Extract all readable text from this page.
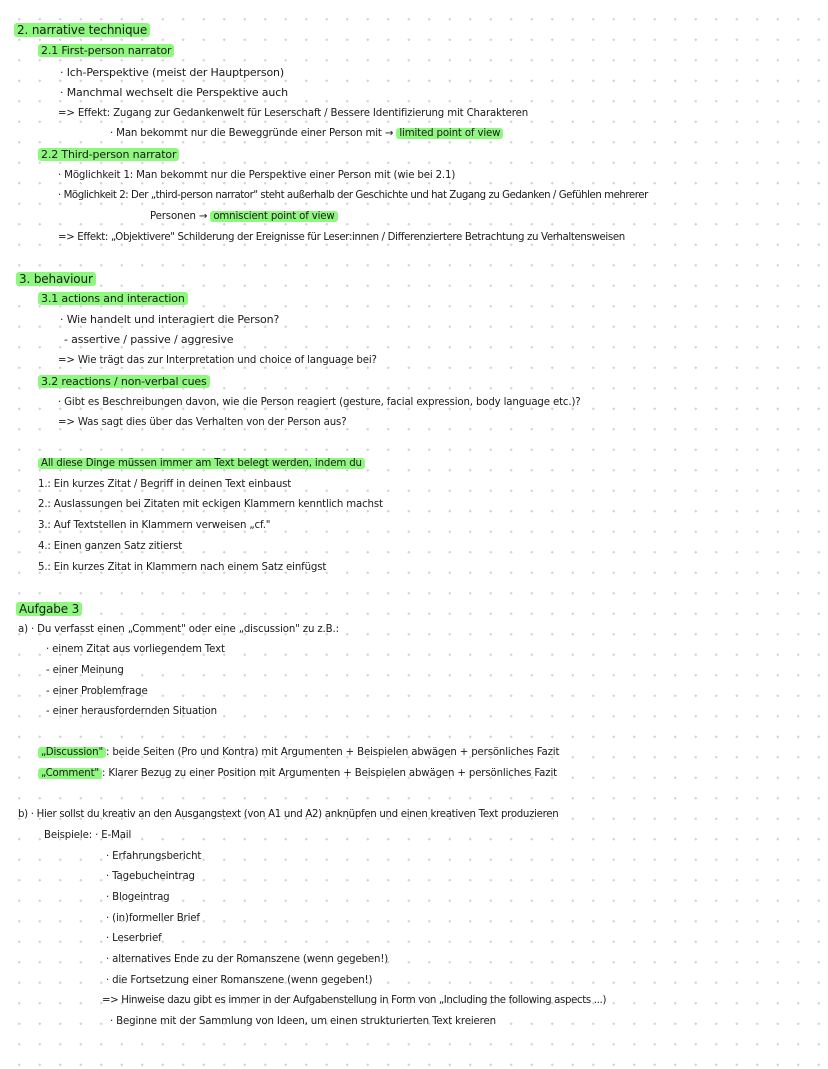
2. narrative technique
2.1 First-person narrator
· Ich-Perspektive (meist der Hauptperson)
· Manchmal wechselt die Perspektive auch
=> Effekt: Zugang zur Gedankenwelt für Leserschaft / Bessere Identifizierung mit Charakteren
· Man bekommt nur die Beweggründe einer Person mit → limited point of view
2.2 Third-person narrator
· Möglichkeit 1: Man bekommt nur die Perspektive einer Person mit (wie bei 2.1)
· Möglichkeit 2: Der „third-person narrator" steht außerhalb der Geschichte und hat Zugang zu Gedanken / Gefühlen mehrerer
Personen → omniscient point of view
=> Effekt: „Objektivere" Schilderung der Ereignisse für Leser:innen / Differenziertere Betrachtung zu Verhaltensweisen
3. behaviour
3.1 actions and interaction
· Wie handelt und interagiert die Person?
- assertive / passive / aggresive
=> Wie trägt das zur Interpretation und choice of language bei?
3.2 reactions / non-verbal cues
· Gibt es Beschreibungen davon, wie die Person reagiert (gesture, facial expression, body language etc.)?
=> Was sagt dies über das Verhalten von der Person aus?
All diese Dinge müssen immer am Text belegt werden, indem du
1.: Ein kurzes Zitat / Begriff in deinen Text einbaust
2.: Auslassungen bei Zitaten mit eckigen Klammern kenntlich machst
3.: Auf Textstellen in Klammern verweisen „cf."
4.: Einen ganzen Satz zitierst
5.: Ein kurzes Zitat in Klammern nach einem Satz einfügst
Aufgabe 3
a) · Du verfasst einen „Comment" oder eine „discussion" zu z.B.:
· einem Zitat aus vorliegendem Text
- einer Meinung
- einer Problemfrage
- einer herausfordernden Situation
„Discussion" : beide Seiten (Pro und Kontra) mit Argumenten + Beispielen abwägen + persönliches Fazit
„Comment" : Klarer Bezug zu einer Position mit Argumenten + Beispielen abwägen + persönliches Fazit
b) · Hier sollst du kreativ an den Ausgangstext (von A1 und A2) anknüpfen und einen kreativen Text produzieren
Beispiele: · E-Mail
· Erfahrungsbericht
· Tagebucheintrag
· Blogeintrag
· (in)formeller Brief
· Leserbrief
· alternatives Ende zu der Romanszene (wenn gegeben!)
· die Fortsetzung einer Romanszene (wenn gegeben!)
=> Hinweise dazu gibt es immer in der Aufgabenstellung in Form von „Including the following aspects ...)
· Beginne mit der Sammlung von Ideen, um einen strukturierten Text kreieren
